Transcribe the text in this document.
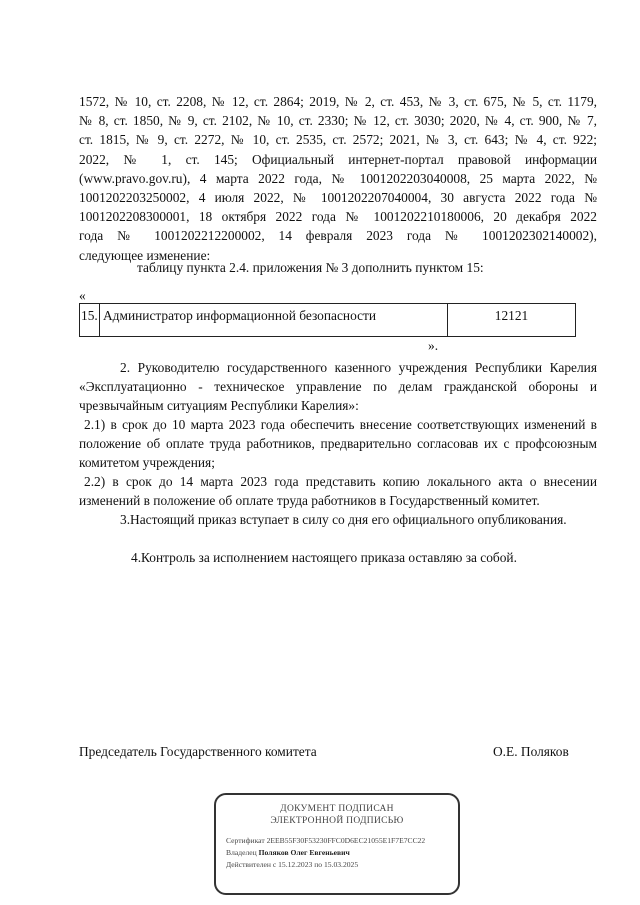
1572, № 10, ст. 2208, № 12, ст. 2864; 2019, № 2, ст. 453, № 3, ст. 675, № 5, ст. 1179,

№ 8, ст. 1850, № 9, ст. 2102, № 10, ст. 2330; № 12, ст. 3030; 2020, № 4, ст. 900, № 7,

ст. 1815, № 9, ст. 2272, № 10, ст. 2535, ст. 2572; 2021, № 3, ст. 643; № 4, ст. 922;

2022, № 1, ст. 145; Официальный интернет-портал правовой информации

(www.pravo.gov.ru), 4 марта 2022 года, № 1001202203040008, 25 марта 2022, №

1001202203250002, 4 июля 2022, № 1001202207040004, 30 августа 2022 года №

1001202208300001, 18 октября 2022 года № 1001202210180006, 20 декабря 2022

года № 1001202212200002, 14 февраля 2023 года № 1001202302140002),

следующее изменение:

таблицу пункта 2.4. приложения № 3 дополнить пунктом 15:
«
15. Администратор информационной безопасности	12121
».
2. Руководителю государственного казенного учреждения Республики Карелия «Эксплуатационно - техническое управление по делам гражданской обороны и чрезвычайным ситуациям Республики Карелия»:
2.1) в срок до 10 марта 2023 года обеспечить внесение соответствующих изменений в положение об оплате труда работников, предварительно согласовав их с профсоюзным комитетом учреждения;
2.2) в срок до 14 марта 2023 года представить копию локального акта о внесении изменений в положение об оплате труда работников в Государственный комитет.
3.Настоящий приказ вступает в силу со дня его официального опубликования.
4.Контроль за исполнением настоящего приказа оставляю за собой.
Председатель Государственного комитета	О.Е. Поляков
ДОКУМЕНТ ПОДПИСАН
ЭЛЕКТРОННОЙ ПОДПИСЬЮ
Сертификат 2EEB55F30F53230FFC0D6EC21055E1F7E7CC22
Владелец Поляков Олег Евгеньевич
Действителен с 15.12.2023 по 15.03.2025
